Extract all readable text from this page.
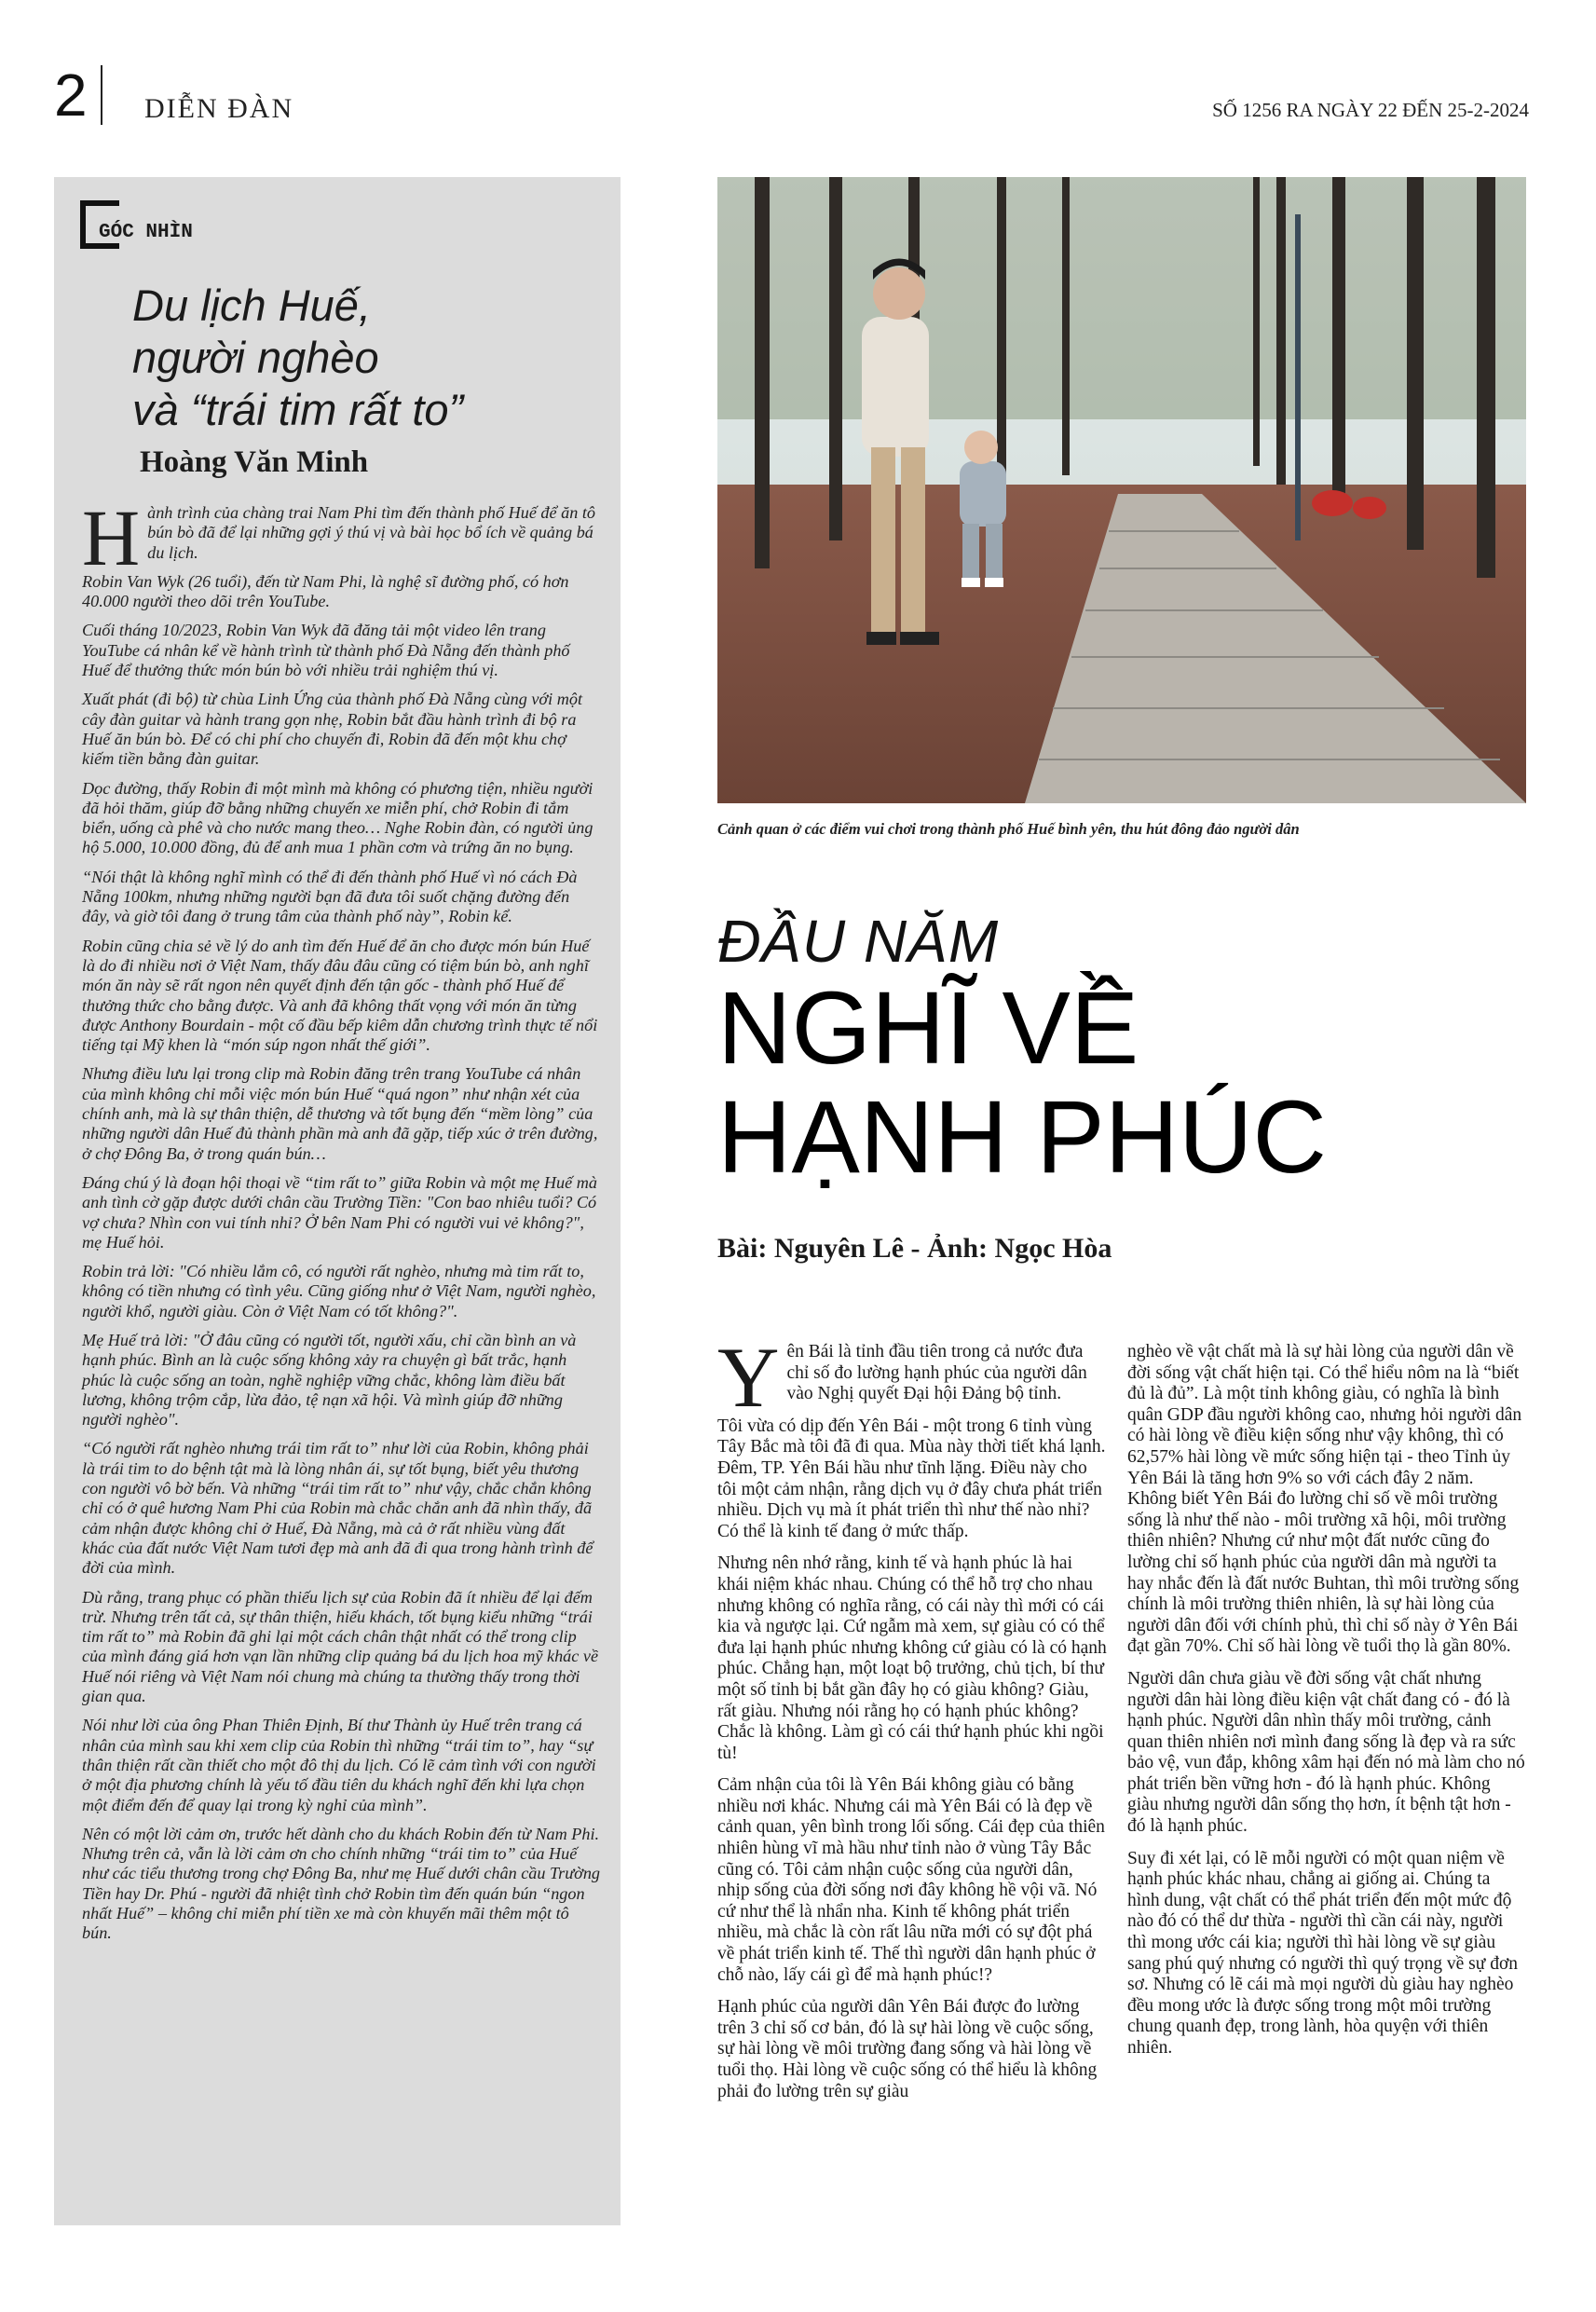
2 DIỄN ĐÀN	SỐ 1256 RA NGÀY 22 ĐẾN 25-2-2024
GÓC NHÌN
Du lịch Huế,
người nghèo
và “trái tim rất to”
Hoàng Văn Minh

Hành trình của chàng trai Nam Phi tìm đến thành phố Huế để ăn tô bún bò đã để lại những gợi ý thú vị và bài học bổ ích về quảng bá du lịch.

Robin Van Wyk (26 tuổi), đến từ Nam Phi, là nghệ sĩ đường phố, có hơn 40.000 người theo dõi trên YouTube.

Cuối tháng 10/2023, Robin Van Wyk đã đăng tải một video lên trang YouTube cá nhân kể về hành trình từ thành phố Đà Nẵng đến thành phố Huế để thưởng thức món bún bò với nhiều trải nghiệm thú vị.

Xuất phát (đi bộ) từ chùa Linh Ứng của thành phố Đà Nẵng cùng với một cây đàn guitar và hành trang gọn nhẹ, Robin bắt đầu hành trình đi bộ ra Huế ăn bún bò. Để có chi phí cho chuyến đi, Robin đã đến một khu chợ kiếm tiền bằng đàn guitar.

Dọc đường, thấy Robin đi một mình mà không có phương tiện, nhiều người đã hỏi thăm, giúp đỡ bằng những chuyến xe miễn phí, chở Robin đi tắm biển, uống cà phê và cho nước mang theo… Nghe Robin đàn, có người ủng hộ 5.000, 10.000 đồng, đủ để anh mua 1 phần cơm và trứng ăn no bụng.

“Nói thật là không nghĩ mình có thể đi đến thành phố Huế vì nó cách Đà Nẵng 100km, nhưng những người bạn đã đưa tôi suốt chặng đường đến đây, và giờ tôi đang ở trung tâm của thành phố này”, Robin kể.

Robin cũng chia sẻ về lý do anh tìm đến Huế để ăn cho được món bún Huế là do đi nhiều nơi ở Việt Nam, thấy đâu đâu cũng có tiệm bún bò, anh nghĩ món ăn này sẽ rất ngon nên quyết định đến tận gốc - thành phố Huế để thưởng thức cho bằng được. Và anh đã không thất vọng với món ăn từng được Anthony Bourdain - một cố đầu bếp kiêm dẫn chương trình thực tế nổi tiếng tại Mỹ khen là “món súp ngon nhất thế giới”.

Nhưng điều lưu lại trong clip mà Robin đăng trên trang YouTube cá nhân của mình không chỉ mỗi việc món bún Huế “quá ngon” như nhận xét của chính anh, mà là sự thân thiện, dễ thương và tốt bụng đến “mềm lòng” của những người dân Huế đủ thành phần mà anh đã gặp, tiếp xúc ở trên đường, ở chợ Đông Ba, ở trong quán bún…

Đáng chú ý là đoạn hội thoại về “tim rất to” giữa Robin và một mẹ Huế mà anh tình cờ gặp được dưới chân cầu Trường Tiền: "Con bao nhiêu tuổi? Có vợ chưa? Nhìn con vui tính nhỉ? Ở bên Nam Phi có người vui vẻ không?", mẹ Huế hỏi.

Robin trả lời: "Có nhiều lắm cô, có người rất nghèo, nhưng mà tim rất to, không có tiền nhưng có tình yêu. Cũng giống như ở Việt Nam, người nghèo, người khổ, người giàu. Còn ở Việt Nam có tốt không?".

Mẹ Huế trả lời: "Ở đâu cũng có người tốt, người xấu, chỉ cần bình an và hạnh phúc. Bình an là cuộc sống không xảy ra chuyện gì bất trắc, hạnh phúc là cuộc sống an toàn, nghề nghiệp vững chắc, không làm điều bất lương, không trộm cắp, lừa đảo, tệ nạn xã hội. Và mình giúp đỡ những người nghèo".

“Có người rất nghèo nhưng trái tim rất to” như lời của Robin, không phải là trái tim to do bệnh tật mà là lòng nhân ái, sự tốt bụng, biết yêu thương con người vô bờ bến. Và những “trái tim rất to” như vậy, chắc chắn không chỉ có ở quê hương Nam Phi của Robin mà chắc chắn anh đã nhìn thấy, đã cảm nhận được không chỉ ở Huế, Đà Nẵng, mà cả ở rất nhiều vùng đất khác của đất nước Việt Nam tươi đẹp mà anh đã đi qua trong hành trình để đời của mình.

Dù rằng, trang phục có phần thiếu lịch sự của Robin đã ít nhiều để lại đếm trừ. Nhưng trên tất cả, sự thân thiện, hiếu khách, tốt bụng kiểu những “trái tim rất to” mà Robin đã ghi lại một cách chân thật nhất có thể trong clip của mình đáng giá hơn vạn lần những clip quảng bá du lịch hoa mỹ khác về Huế nói riêng và Việt Nam nói chung mà chúng ta thường thấy trong thời gian qua.

Nói như lời của ông Phan Thiên Định, Bí thư Thành ủy Huế trên trang cá nhân của mình sau khi xem clip của Robin thì những “trái tim to”, hay “sự thân thiện rất cần thiết cho một đô thị du lịch. Có lẽ cảm tình với con người ở một địa phương chính là yếu tố đầu tiên du khách nghĩ đến khi lựa chọn một điểm đến để quay lại trong kỳ nghỉ của mình”.

Nên có một lời cảm ơn, trước hết dành cho du khách Robin đến từ Nam Phi. Nhưng trên cả, vẫn là lời cảm ơn cho chính những “trái tim to” của Huế như các tiểu thương trong chợ Đông Ba, như mẹ Huế dưới chân cầu Trường Tiền hay Dr. Phú - người đã nhiệt tình chở Robin tìm đến quán bún “ngon nhất Huế” – không chỉ miễn phí tiền xe mà còn khuyến mãi thêm một tô bún.

Cảnh quan ở các điểm vui chơi trong thành phố Huế bình yên, thu hút đông đảo người dân
ĐẦU NĂM
NGHĨ VỀ
HẠNH PHÚC
Bài: Nguyên Lê - Ảnh: Ngọc Hòa

Yên Bái là tỉnh đầu tiên trong cả nước đưa chỉ số đo lường hạnh phúc của người dân vào Nghị quyết Đại hội Đảng bộ tỉnh.

Tôi vừa có dịp đến Yên Bái - một trong 6 tỉnh vùng Tây Bắc mà tôi đã đi qua. Mùa này thời tiết khá lạnh. Đêm, TP. Yên Bái hầu như tĩnh lặng. Điều này cho tôi một cảm nhận, rằng dịch vụ ở đây chưa phát triển nhiều. Dịch vụ mà ít phát triển thì như thế nào nhỉ? Có thể là kinh tế đang ở mức thấp.

Nhưng nên nhớ rằng, kinh tế và hạnh phúc là hai khái niệm khác nhau. Chúng có thể hỗ trợ cho nhau nhưng không có nghĩa rằng, có cái này thì mới có cái kia và ngược lại. Cứ ngẫm mà xem, sự giàu có có thể đưa lại hạnh phúc nhưng không cứ giàu có là có hạnh phúc. Chẳng hạn, một loạt bộ trưởng, chủ tịch, bí thư một số tỉnh bị bắt gần đây họ có giàu không? Giàu, rất giàu. Nhưng nói rằng họ có hạnh phúc không? Chắc là không. Làm gì có cái thứ hạnh phúc khi ngồi tù!

Cảm nhận của tôi là Yên Bái không giàu có bằng nhiều nơi khác. Nhưng cái mà Yên Bái có là đẹp về cảnh quan, yên bình trong lối sống. Cái đẹp của thiên nhiên hùng vĩ mà hầu như tỉnh nào ở vùng Tây Bắc cũng có. Tôi cảm nhận cuộc sống của người dân, nhịp sống của đời sống nơi đây không hề vội vã. Nó cứ như thể là nhẩn nha. Kinh tế không phát triển nhiều, mà chắc là còn rất lâu nữa mới có sự đột phá về phát triển kinh tế. Thế thì người dân hạnh phúc ở chỗ nào, lấy cái gì để mà hạnh phúc!?

Hạnh phúc của người dân Yên Bái được đo lường trên 3 chỉ số cơ bản, đó là sự hài lòng về cuộc sống, sự hài lòng về môi trường đang sống và hài lòng về tuổi thọ. Hài lòng về cuộc sống có thể hiểu là không phải đo lường trên sự giàu

nghèo về vật chất mà là sự hài lòng của người dân về đời sống vật chất hiện tại. Có thể hiểu nôm na là “biết đủ là đủ”. Là một tỉnh không giàu, có nghĩa là bình quân GDP đầu người không cao, nhưng hỏi người dân có hài lòng về điều kiện sống như vậy không, thì có 62,57% hài lòng về mức sống hiện tại - theo Tỉnh ủy Yên Bái là tăng hơn 9% so với cách đây 2 năm. Không biết Yên Bái đo lường chỉ số về môi trường sống là như thế nào - môi trường xã hội, môi trường thiên nhiên? Nhưng cứ như một đất nước cũng đo lường chỉ số hạnh phúc của người dân mà người ta hay nhắc đến là đất nước Buhtan, thì môi trường sống chính là môi trường thiên nhiên, là sự hài lòng của người dân đối với chính phủ, thì chỉ số này ở Yên Bái đạt gần 70%. Chỉ số hài lòng về tuổi thọ là gần 80%.

Người dân chưa giàu về đời sống vật chất nhưng người dân hài lòng điều kiện vật chất đang có - đó là hạnh phúc. Người dân nhìn thấy môi trường, cảnh quan thiên nhiên nơi mình đang sống là đẹp và ra sức bảo vệ, vun đắp, không xâm hại đến nó mà làm cho nó phát triển bền vững hơn - đó là hạnh phúc. Không giàu nhưng người dân sống thọ hơn, ít bệnh tật hơn - đó là hạnh phúc.

Suy đi xét lại, có lẽ mỗi người có một quan niệm về hạnh phúc khác nhau, chẳng ai giống ai. Chúng ta hình dung, vật chất có thể phát triển đến một mức độ nào đó có thể dư thừa - người thì cần cái này, người thì mong ước cái kia; người thì hài lòng về sự giàu sang phú quý nhưng có người thì quý trọng về sự đơn sơ. Nhưng có lẽ cái mà mọi người dù giàu hay nghèo đều mong ước là được sống trong một môi trường chung quanh đẹp, trong lành, hòa quyện với thiên nhiên.
